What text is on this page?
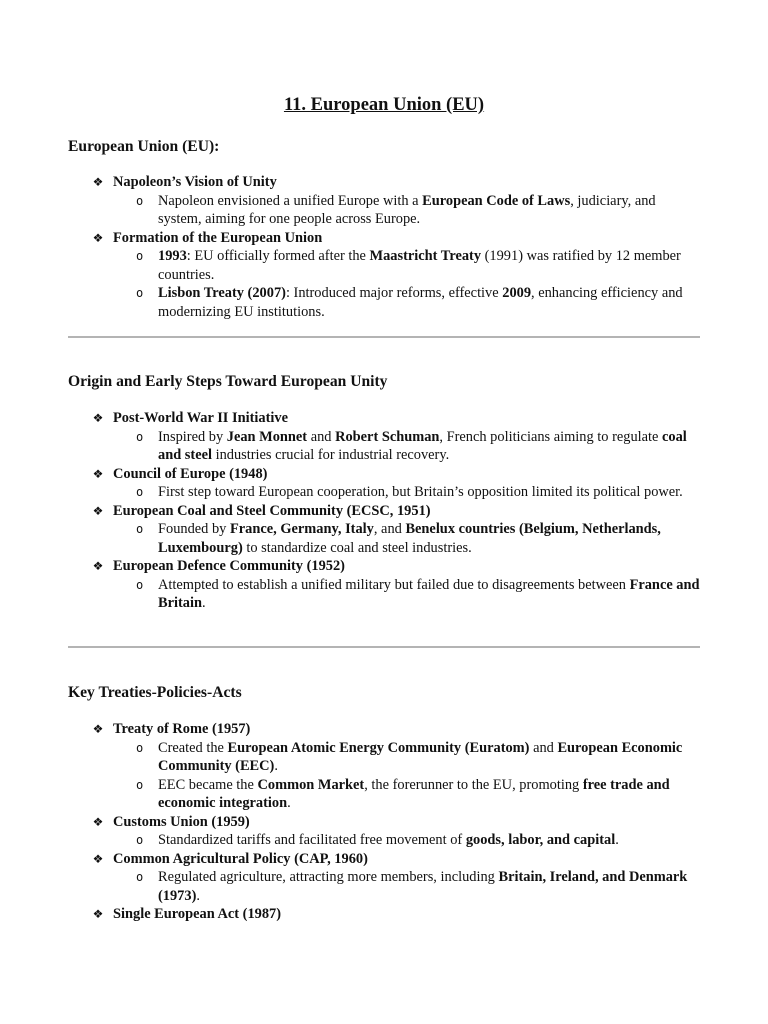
11. European Union (EU)
European Union (EU):
❖ Napoleon’s Vision of Unity
o Napoleon envisioned a unified Europe with a European Code of Laws, judiciary, and system, aiming for one people across Europe.
❖ Formation of the European Union
o 1993: EU officially formed after the Maastricht Treaty (1991) was ratified by 12 member countries.
o Lisbon Treaty (2007): Introduced major reforms, effective 2009, enhancing efficiency and modernizing EU institutions.
Origin and Early Steps Toward European Unity
❖ Post-World War II Initiative
o Inspired by Jean Monnet and Robert Schuman, French politicians aiming to regulate coal and steel industries crucial for industrial recovery.
❖ Council of Europe (1948)
o First step toward European cooperation, but Britain’s opposition limited its political power.
❖ European Coal and Steel Community (ECSC, 1951)
o Founded by France, Germany, Italy, and Benelux countries (Belgium, Netherlands, Luxembourg) to standardize coal and steel industries.
❖ European Defence Community (1952)
o Attempted to establish a unified military but failed due to disagreements between France and Britain.
Key Treaties-Policies-Acts
❖ Treaty of Rome (1957)
o Created the European Atomic Energy Community (Euratom) and European Economic Community (EEC).
o EEC became the Common Market, the forerunner to the EU, promoting free trade and economic integration.
❖ Customs Union (1959)
o Standardized tariffs and facilitated free movement of goods, labor, and capital.
❖ Common Agricultural Policy (CAP, 1960)
o Regulated agriculture, attracting more members, including Britain, Ireland, and Denmark (1973).
❖ Single European Act (1987)
